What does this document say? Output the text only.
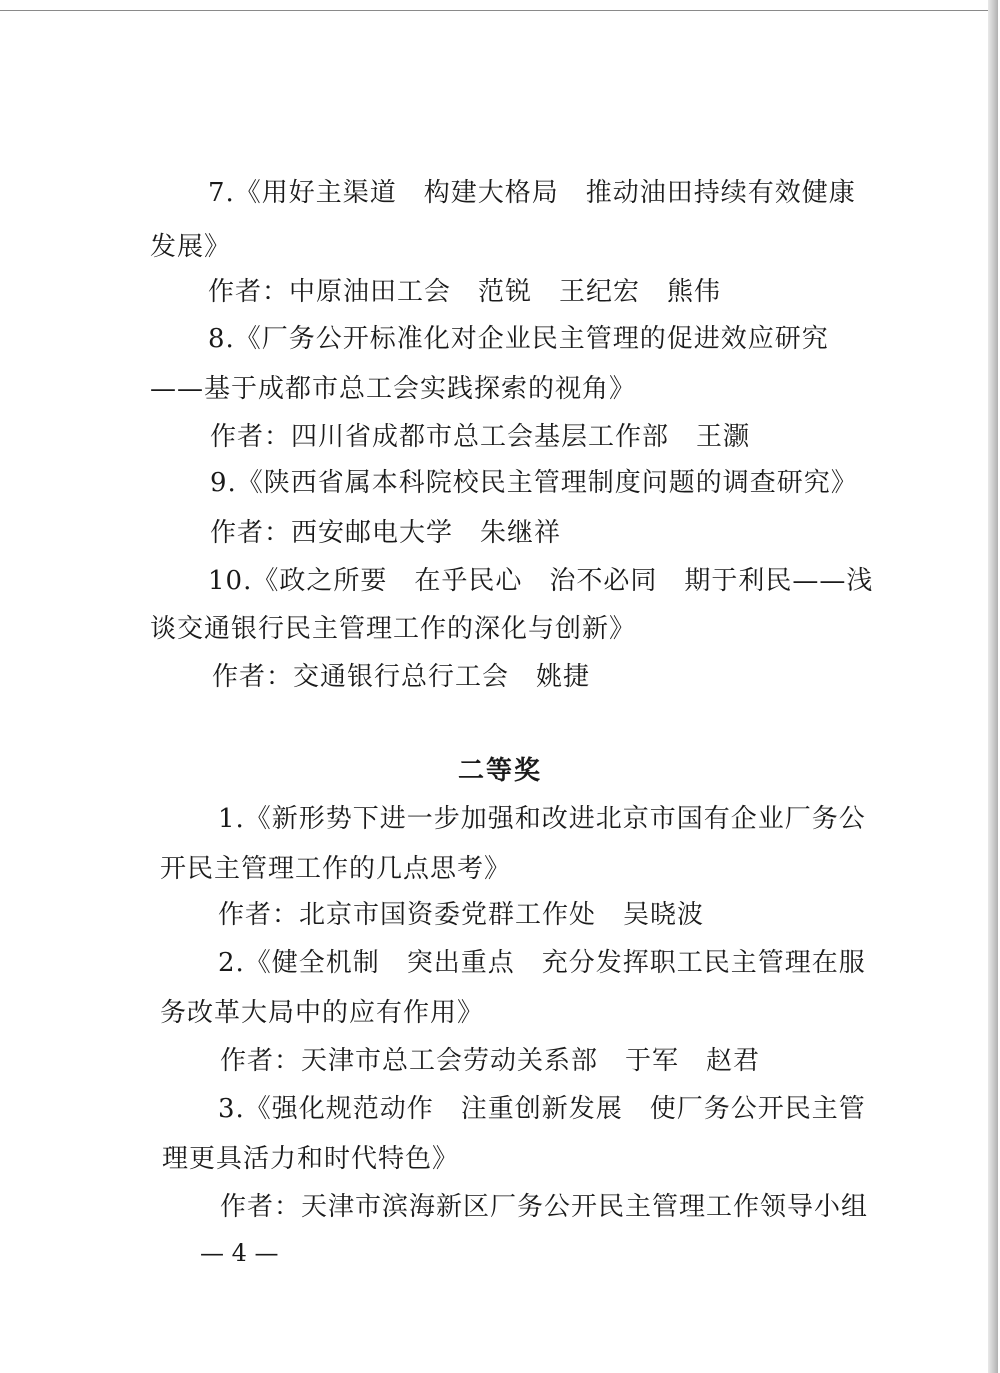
7.《用好主渠道　构建大格局　推动油田持续有效健康
发展》
作者：中原油田工会　范锐　王纪宏　熊伟
8.《厂务公开标准化对企业民主管理的促进效应研究
——基于成都市总工会实践探索的视角》
作者：四川省成都市总工会基层工作部　王灏
9.《陕西省属本科院校民主管理制度问题的调查研究》
作者：西安邮电大学　朱继祥
10.《政之所要　在乎民心　治不必同　期于利民——浅
谈交通银行民主管理工作的深化与创新》
作者：交通银行总行工会　姚捷
二等奖
1.《新形势下进一步加强和改进北京市国有企业厂务公
开民主管理工作的几点思考》
作者：北京市国资委党群工作处　吴晓波
2.《健全机制　突出重点　充分发挥职工民主管理在服
务改革大局中的应有作用》
作者：天津市总工会劳动关系部　于军　赵君
3.《强化规范动作　注重创新发展　使厂务公开民主管
理更具活力和时代特色》
作者：天津市滨海新区厂务公开民主管理工作领导小组
— 4 —
